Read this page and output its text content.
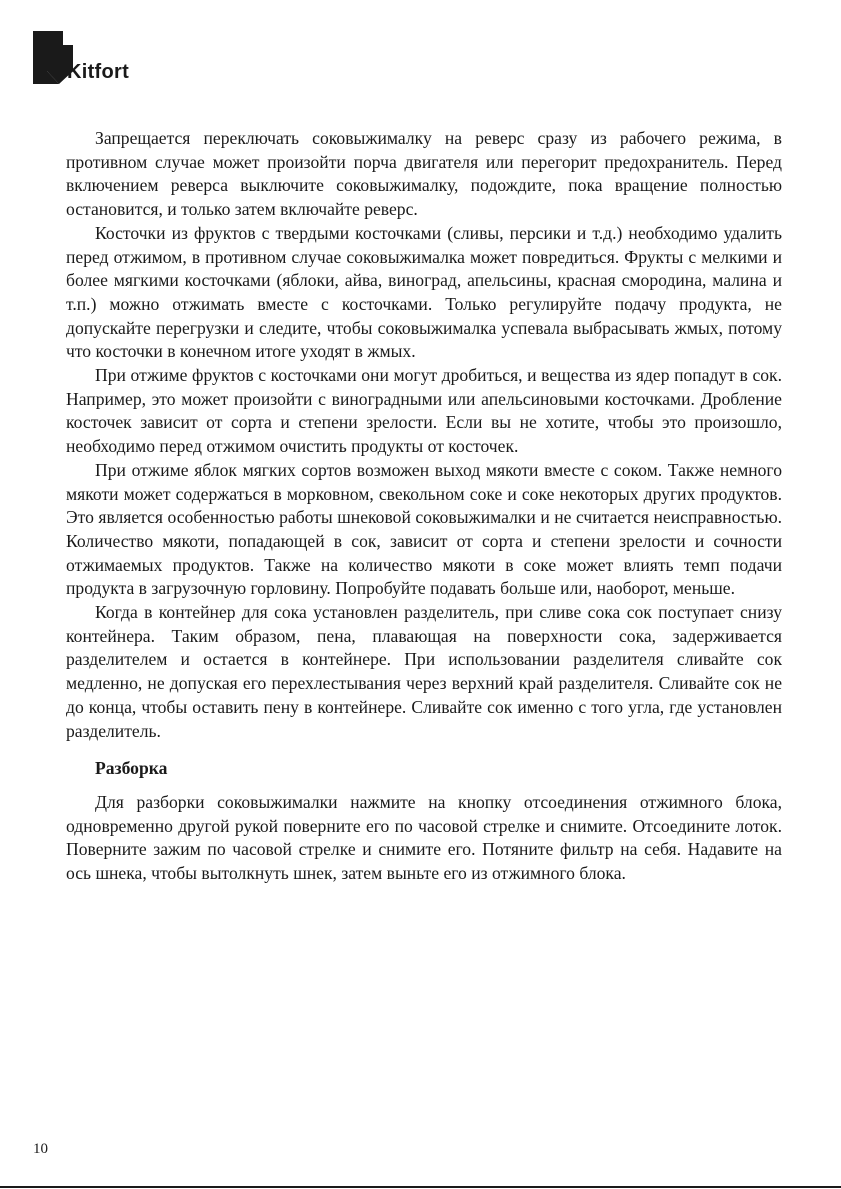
Kitfort

Запрещается переключать соковыжималку на реверс сразу из рабочего режима, в противном случае может произойти порча двигателя или перегорит предохранитель. Перед включением реверса выключите соковыжималку, подождите, пока вращение полностью остановится, и только затем включайте реверс.

Косточки из фруктов с твердыми косточками (сливы, персики и т.д.) необходимо удалить перед отжимом, в противном случае соковыжималка может повредиться. Фрукты с мелкими и более мягкими косточками (яблоки, айва, виноград, апельсины, красная смородина, малина и т.п.) можно отжимать вместе с косточками. Только регулируйте подачу продукта, не допускайте перегрузки и следите, чтобы соковыжималка успевала выбрасывать жмых, потому что косточки в конечном итоге уходят в жмых.

При отжиме фруктов с косточками они могут дробиться, и вещества из ядер попадут в сок. Например, это может произойти с виноградными или апельсиновыми косточками. Дробление косточек зависит от сорта и степени зрелости. Если вы не хотите, чтобы это произошло, необходимо перед отжимом очистить продукты от косточек.

При отжиме яблок мягких сортов возможен выход мякоти вместе с соком. Также немного мякоти может содержаться в морковном, свекольном соке и соке некоторых других продуктов. Это является особенностью работы шнековой соковыжималки и не считается неисправностью. Количество мякоти, попадающей в сок, зависит от сорта и степени зрелости и сочности отжимаемых продуктов. Также на количество мякоти в соке может влиять темп подачи продукта в загрузочную горловину. Попробуйте подавать больше или, наоборот, меньше.

Когда в контейнер для сока установлен разделитель, при сливе сока сок поступает снизу контейнера. Таким образом, пена, плавающая на поверхности сока, задерживается разделителем и остается в контейнере. При использовании разделителя сливайте сок медленно, не допуская его перехлестывания через верхний край разделителя. Сливайте сок не до конца, чтобы оставить пену в контейнере. Сливайте сок именно с того угла, где установлен разделитель.

Разборка

Для разборки соковыжималки нажмите на кнопку отсоединения отжимного блока, одновременно другой рукой поверните его по часовой стрелке и снимите. Отсоедините лоток. Поверните зажим по часовой стрелке и снимите его. Потяните фильтр на себя. Надавите на ось шнека, чтобы вытолкнуть шнек, затем выньте его из отжимного блока.

10
